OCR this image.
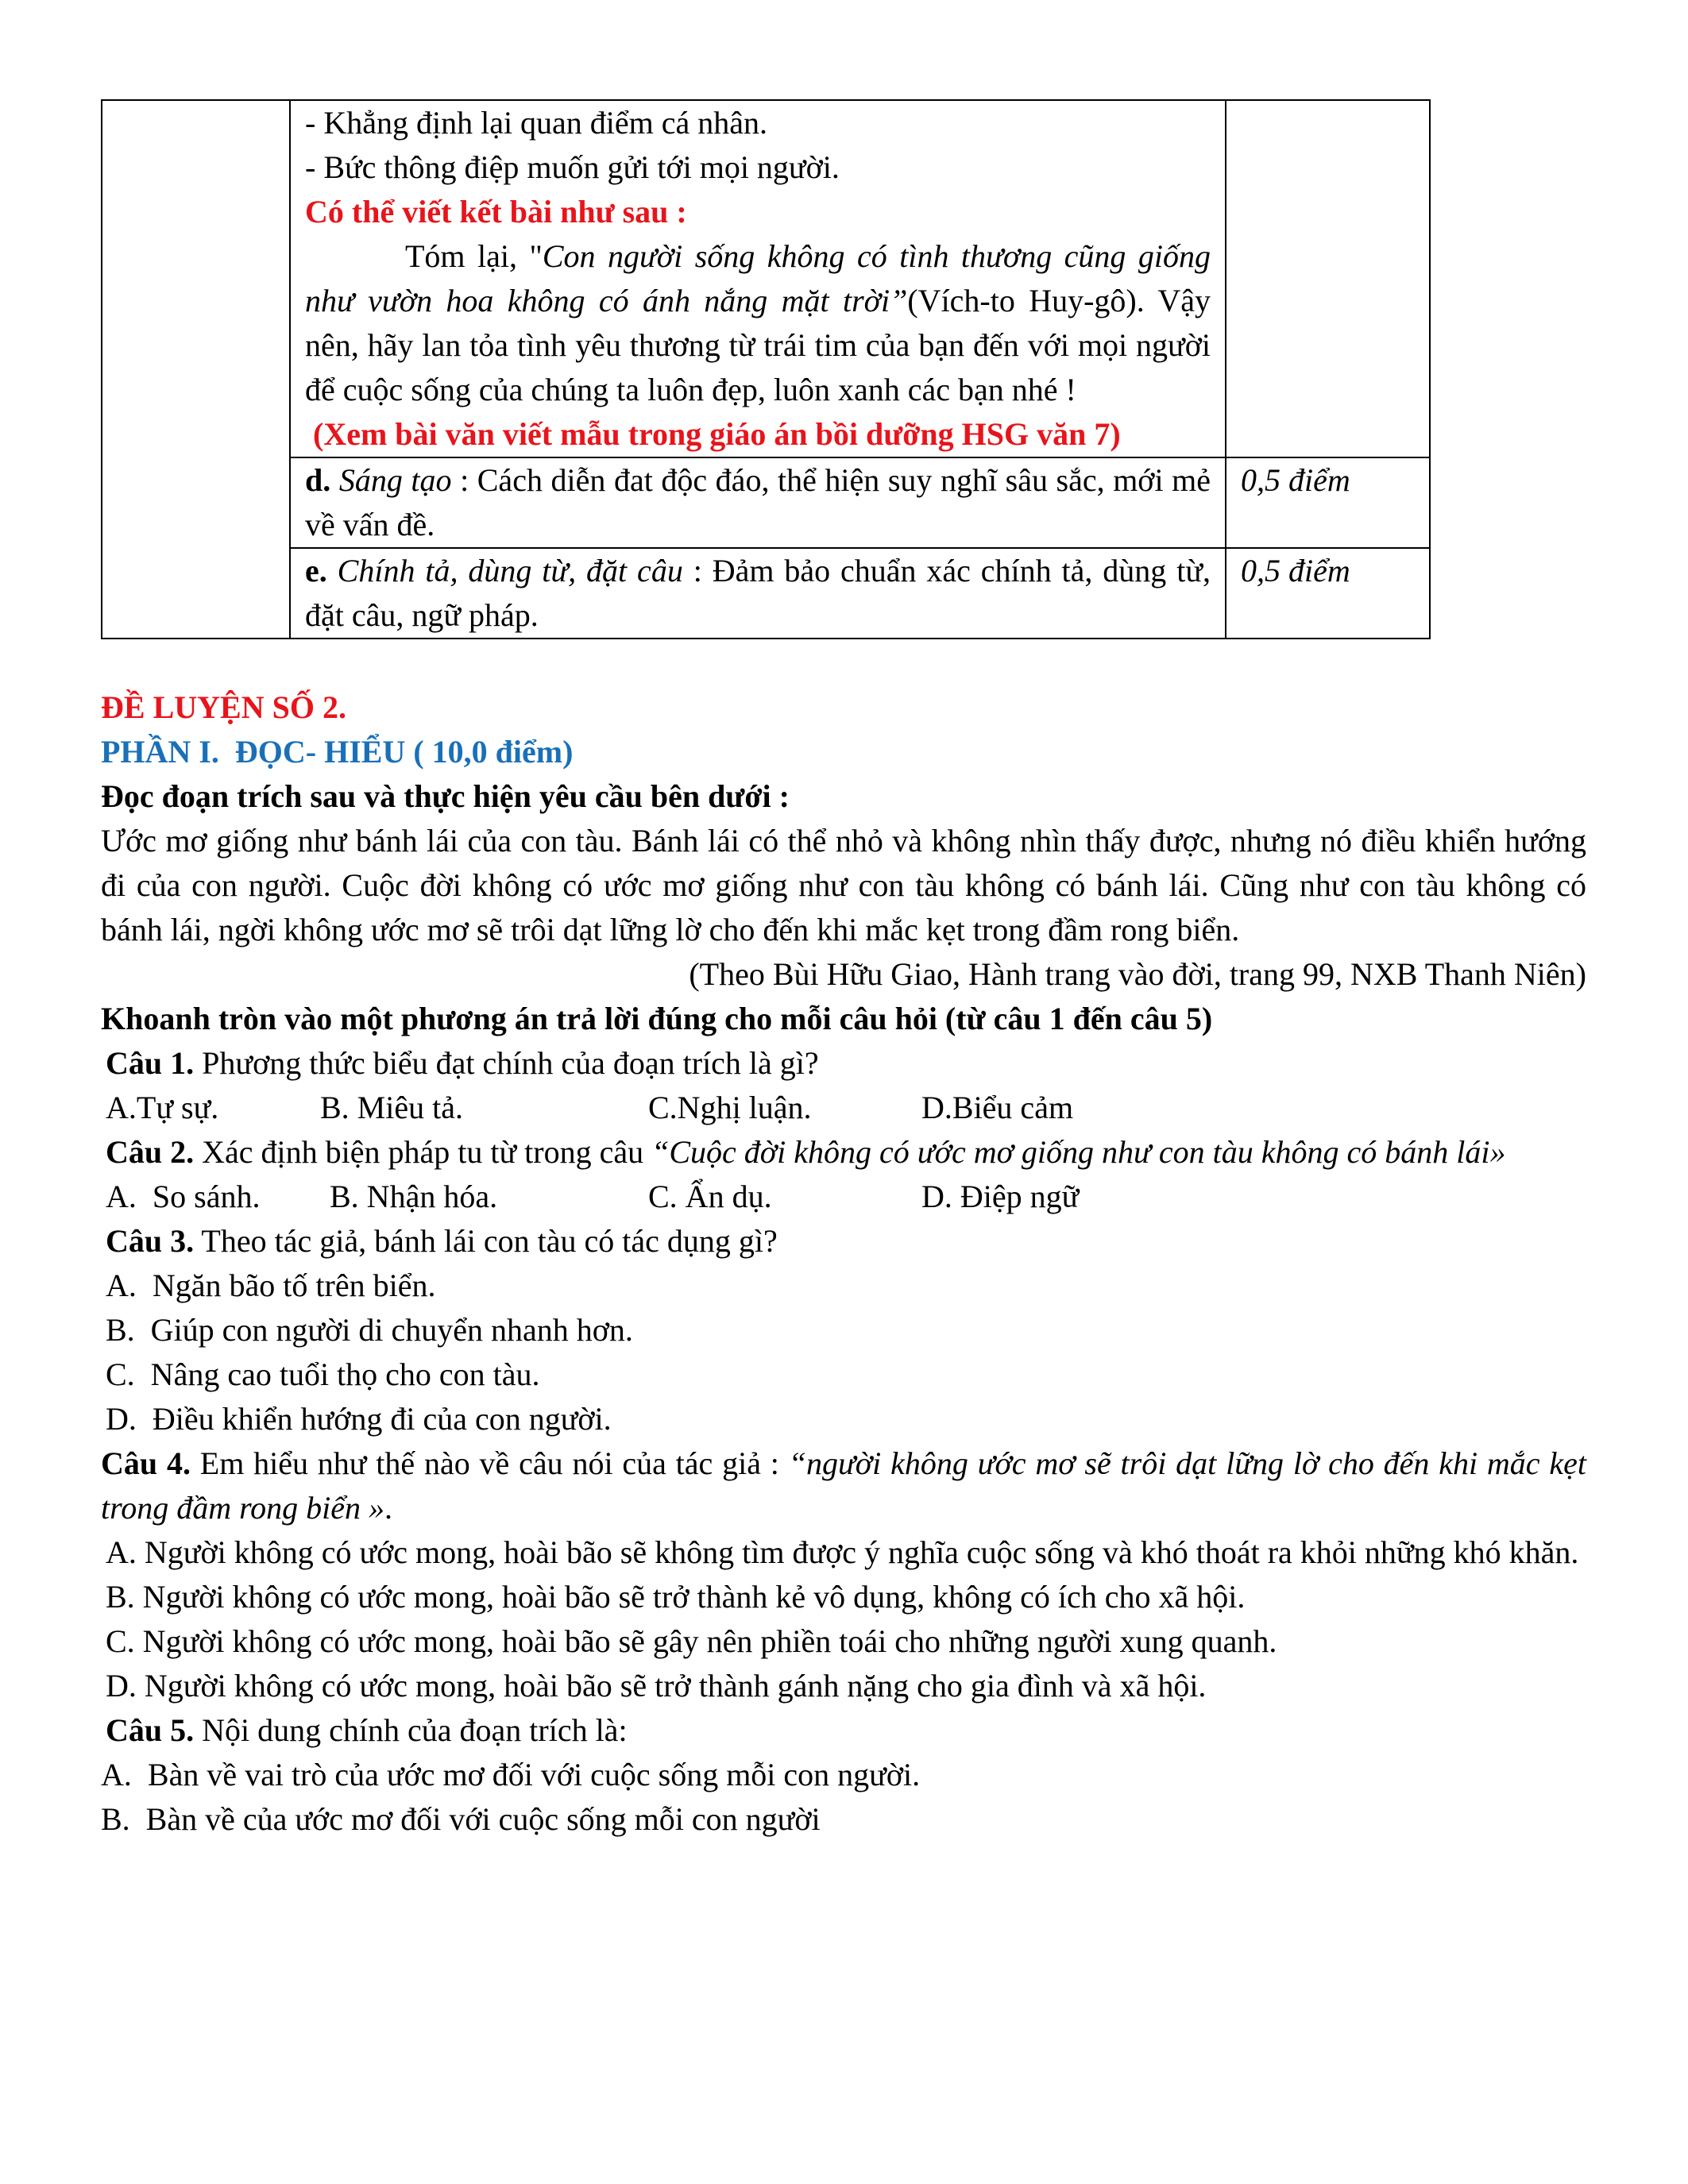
	- Khẳng định lại quan điểm cá nhân.

- Bức thông điệp muốn gửi tới mọi người.

Có thể viết kết bài như sau :

Tóm lại, "Con người sống không có tình thương cũng giống như vườn hoa không có ánh nắng mặt trời”(Vích-to Huy-gô). Vậy nên, hãy lan tỏa tình yêu thương từ trái tim của bạn đến với mọi người để cuộc sống của chúng ta luôn đẹp, luôn xanh các bạn nhé !

(Xem bài văn viết mẫu trong giáo án bồi dưỡng HSG văn 7)	

	d. Sáng tạo : Cách diễn đat độc đáo, thể hiện suy nghĩ sâu sắc, mới mẻ về vấn đề.	0,5 điểm
	e. Chính tả, dùng từ, đặt câu : Đảm bảo chuẩn xác chính tả, dùng từ, đặt câu, ngữ pháp.	0,5 điểm

ĐỀ LUYỆN SỐ 2.

PHẦN I.  ĐỌC- HIỂU ( 10,0 điểm)

Đọc đoạn trích sau và thực hiện yêu cầu bên dưới :

Ước mơ giống như bánh lái của con tàu. Bánh lái có thể nhỏ và không nhìn thấy được, nhưng nó điều khiển hướng đi của con người. Cuộc đời không có ước mơ giống như con tàu không có bánh lái. Cũng như con tàu không có bánh lái, ngời không ước mơ sẽ trôi dạt lững lờ cho đến khi mắc kẹt trong đầm rong biển.

(Theo Bùi Hữu Giao, Hành trang vào đời, trang 99, NXB Thanh Niên)

Khoanh tròn vào một phương án trả lời đúng cho mỗi câu hỏi (từ câu 1 đến câu 5)

Câu 1. Phương thức biểu đạt chính của đoạn trích là gì?

A.Tự sự.	B. Miêu tả.	C.Nghị luận.	D.Biểu cảm

Câu 2. Xác định biện pháp tu từ trong câu “Cuộc đời không có ước mơ giống như con tàu không có bánh lái»

A.  So sánh.	B. Nhận hóa.	C. Ẩn dụ.	D. Điệp ngữ

Câu 3. Theo tác giả, bánh lái con tàu có tác dụng gì?

A.  Ngăn bão tố trên biển.

B.  Giúp con người di chuyển nhanh hơn.

C.  Nâng cao tuổi thọ cho con tàu.

D.  Điều khiển hướng đi của con người.

Câu 4. Em hiểu như thế nào về câu nói của tác giả : “người không ước mơ sẽ trôi dạt lững lờ cho đến khi mắc kẹt trong đầm rong biển ».

A. Người không có ước mong, hoài bão sẽ không tìm được ý nghĩa cuộc sống và khó thoát ra khỏi những khó khăn.

B. Người không có ước mong, hoài bão sẽ trở thành kẻ vô dụng, không có ích cho xã hội.

C. Người không có ước mong, hoài bão sẽ gây nên phiền toái cho những người xung quanh.

D. Người không có ước mong, hoài bão sẽ trở thành gánh nặng cho gia đình và xã hội.

Câu 5. Nội dung chính của đoạn trích là:

A.  Bàn về vai trò của ước mơ đối với cuộc sống mỗi con người.

B.  Bàn về của ước mơ đối với cuộc sống mỗi con người
